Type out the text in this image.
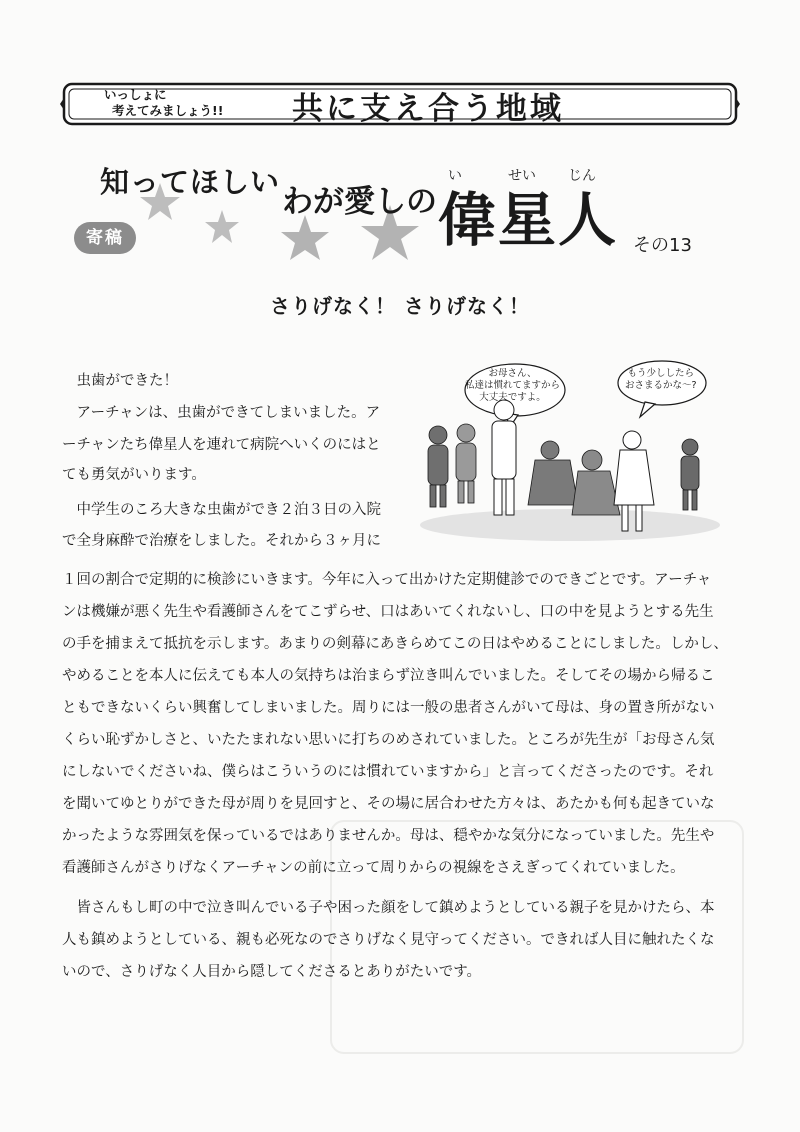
いっしょに
考えてみましょう!!	共に支え合う地域
寄稿
知ってほしい
わが愛しの
い	せい じん
偉星人 その13
さりげなく！ さりげなく！
お母さん、
私達は慣れてますから
大丈夫ですよ。
もう少ししたら
おさまるかな〜?
　虫歯ができた！
　アーチャンは、虫歯ができてしまいました。ア
ーチャンたち偉星人を連れて病院へいくのにはと
ても勇気がいります。
　中学生のころ大きな虫歯ができ２泊３日の入院
で全身麻酔で治療をしました。それから３ヶ月に
１回の割合で定期的に検診にいきます。今年に入って出かけた定期健診でのできごとです。アーチャ
ンは機嫌が悪く先生や看護師さんをてこずらせ、口はあいてくれないし、口の中を見ようとする先生
の手を捕まえて抵抗を示します。あまりの剣幕にあきらめてこの日はやめることにしました。しかし、
やめることを本人に伝えても本人の気持ちは治まらず泣き叫んでいました。そしてその場から帰るこ
ともできないくらい興奮してしまいました。周りには一般の患者さんがいて母は、身の置き所がない
くらい恥ずかしさと、いたたまれない思いに打ちのめされていました。ところが先生が「お母さん気
にしないでくださいね、僕らはこういうのには慣れていますから」と言ってくださったのです。それ
を聞いてゆとりができた母が周りを見回すと、その場に居合わせた方々は、あたかも何も起きていな
かったような雰囲気を保っているではありませんか。母は、穏やかな気分になっていました。先生や
看護師さんがさりげなくアーチャンの前に立って周りからの視線をさえぎってくれていました。
　皆さんもし町の中で泣き叫んでいる子や困った顔をして鎮めようとしている親子を見かけたら、本
人も鎮めようとしている、親も必死なのでさりげなく見守ってください。できれば人目に触れたくな
いので、さりげなく人目から隠してくださるとありがたいです。
